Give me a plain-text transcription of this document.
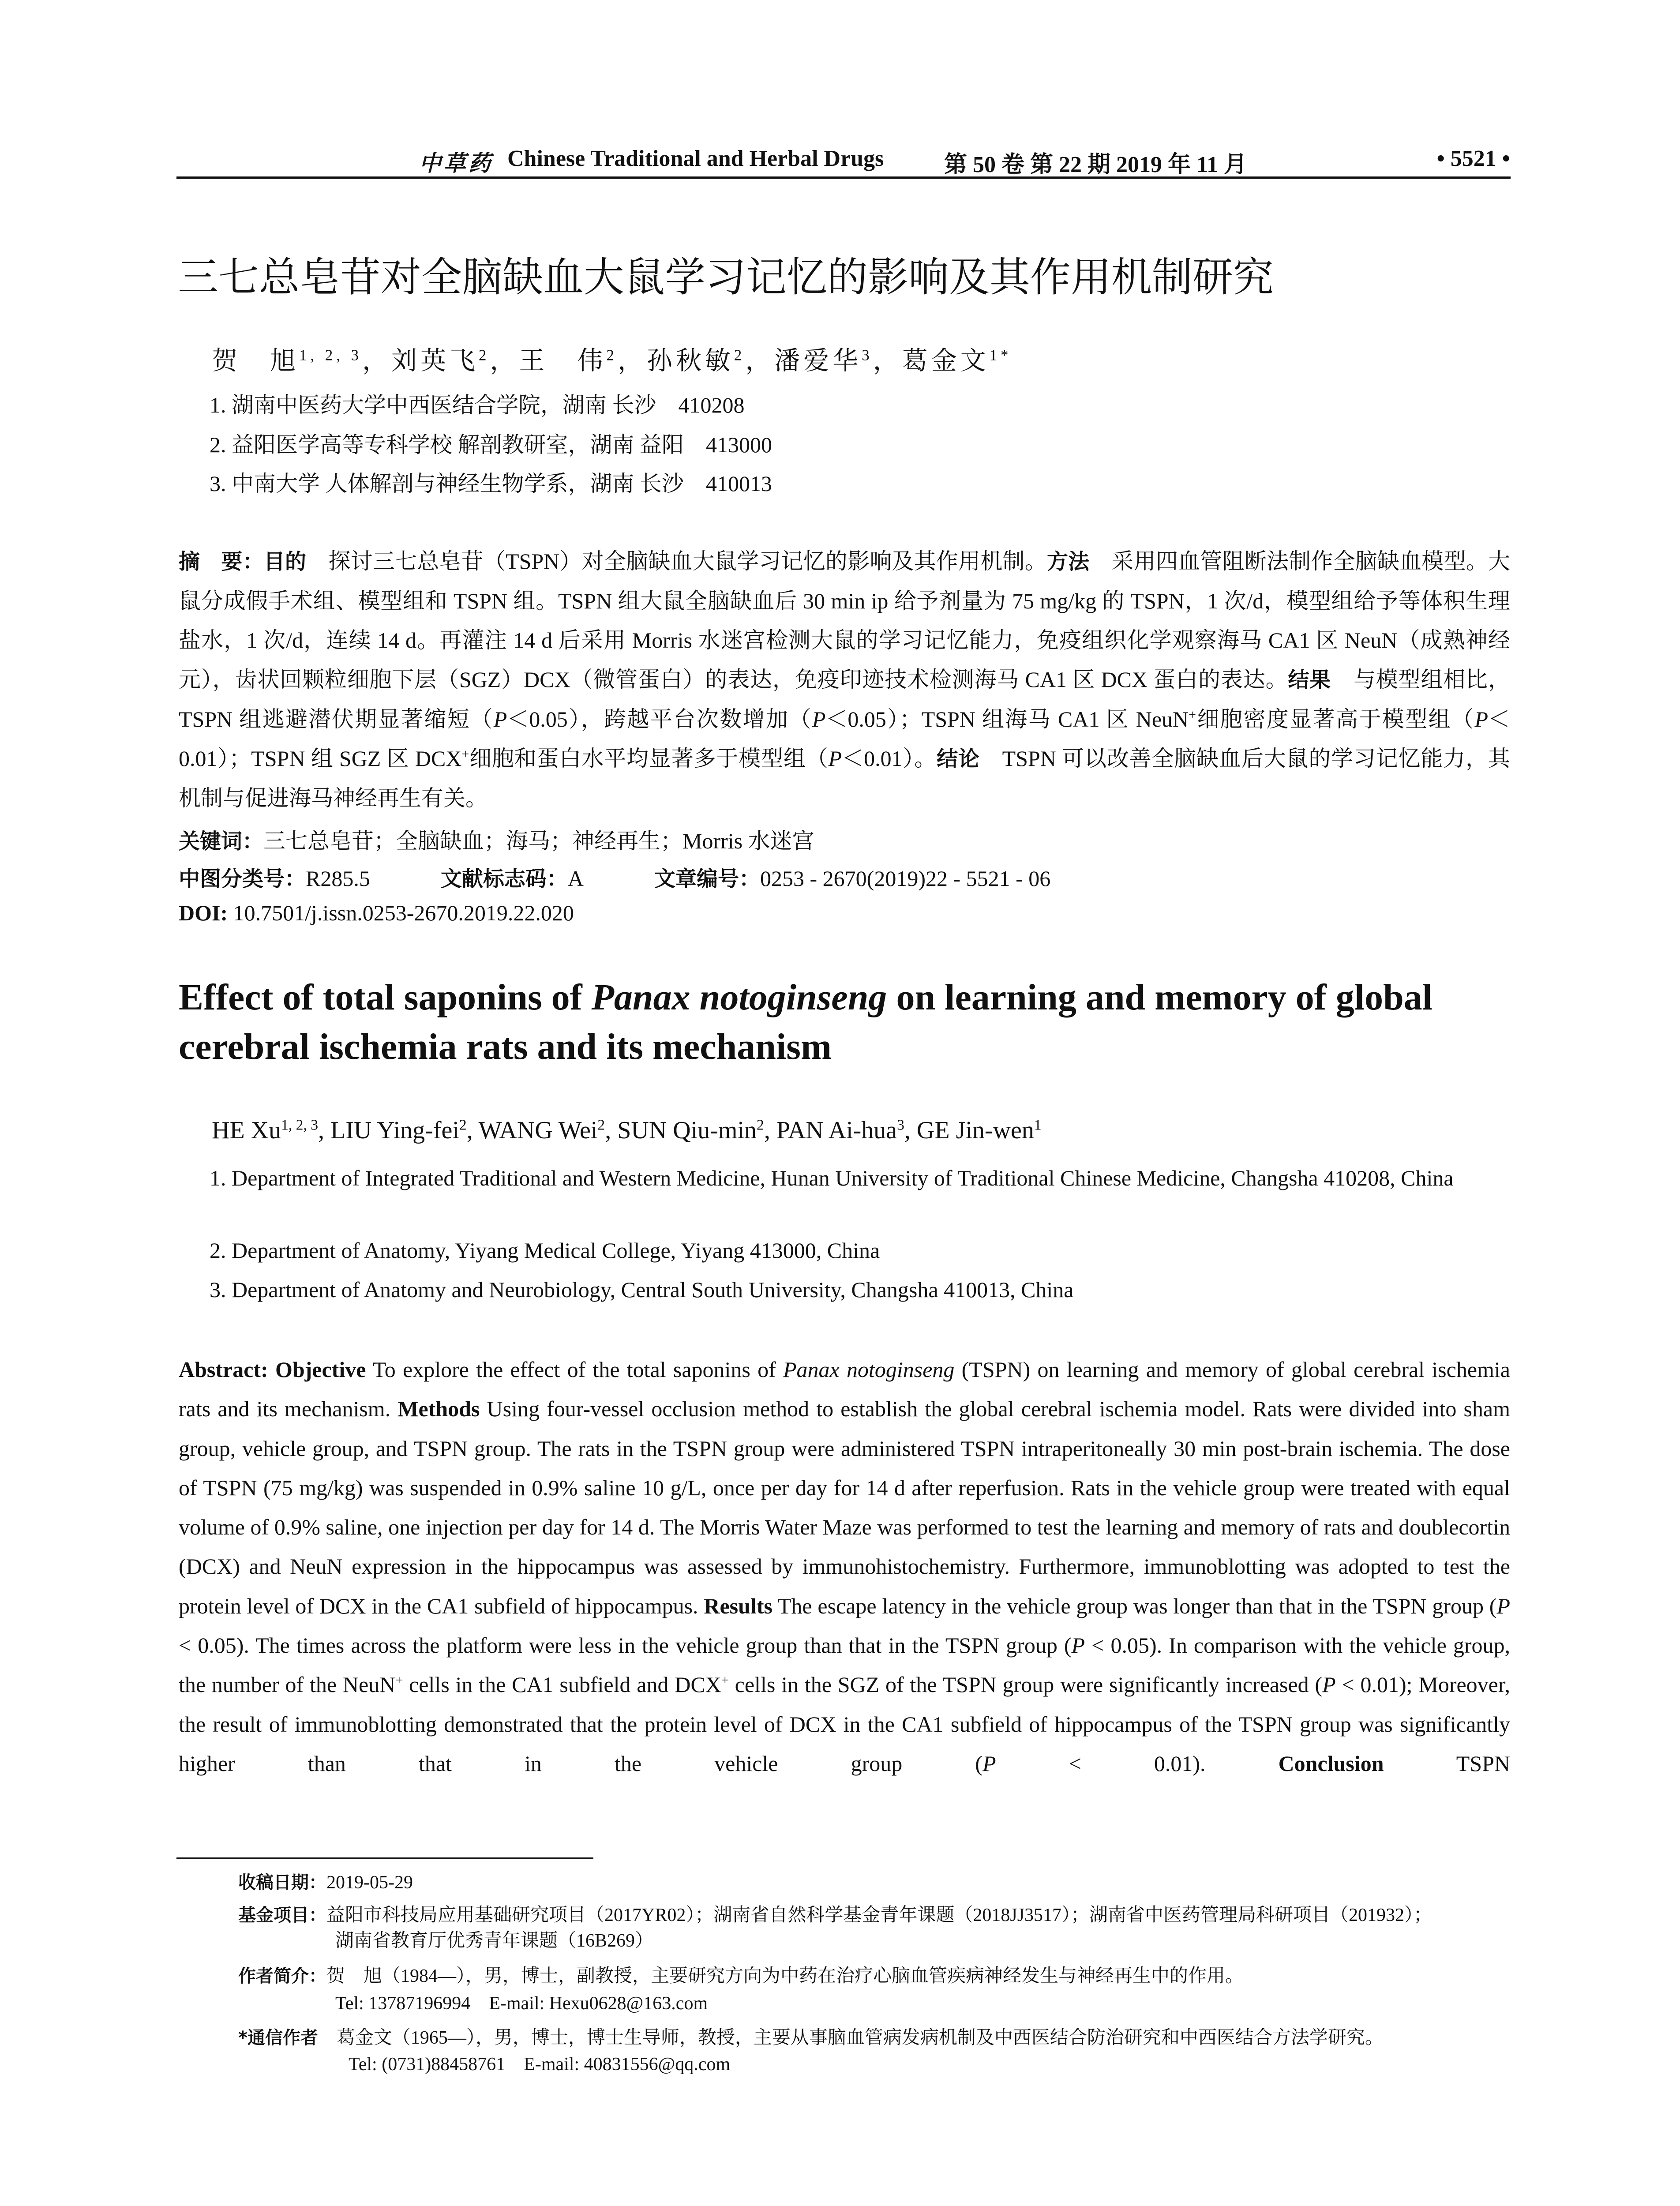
中草药 Chinese Traditional and Herbal Drugs	第 50 卷 第 22 期 2019 年 11 月	• 5521 •
三七总皂苷对全脑缺血大鼠学习记忆的影响及其作用机制研究
贺　旭$^{1, 2, 3}$，刘英飞$^2$，王　伟$^2$，孙秋敏$^2$，潘爱华$^3$，葛金文$^{1*}$
1. 湖南中医药大学中西医结合学院，湖南 长沙　410208
2. 益阳医学高等专科学校 解剖教研室，湖南 益阳　413000
3. 中南大学 人体解剖与神经生物学系，湖南 长沙　410013
摘　要：目的　探讨三七总皂苷（TSPN）对全脑缺血大鼠学习记忆的影响及其作用机制。方法　采用四血管阻断法制作全脑缺血模型。大鼠分成假手术组、模型组和 TSPN 组。TSPN 组大鼠全脑缺血后 30 min ip 给予剂量为 75 mg/kg 的 TSPN，1 次/d，模型组给予等体积生理盐水，1 次/d，连续 14 d。再灌注 14 d 后采用 Morris 水迷宫检测大鼠的学习记忆能力，免疫组织化学观察海马 CA1 区 NeuN（成熟神经元），齿状回颗粒细胞下层（SGZ）DCX（微管蛋白）的表达，免疫印迹技术检测海马 CA1 区 DCX 蛋白的表达。结果　与模型组相比，TSPN 组逃避潜伏期显著缩短（P＜0.05），跨越平台次数增加（P＜0.05）；TSPN 组海马 CA1 区 NeuN+细胞密度显著高于模型组（P＜0.01）；TSPN 组 SGZ 区 DCX+细胞和蛋白水平均显著多于模型组（P＜0.01）。结论　TSPN 可以改善全脑缺血后大鼠的学习记忆能力，其机制与促进海马神经再生有关。
关键词：三七总皂苷；全脑缺血；海马；神经再生；Morris 水迷宫
中图分类号：R285.5	文献标志码：A	文章编号：0253 - 2670(2019)22 - 5521 - 06
DOI: 10.7501/j.issn.0253-2670.2019.22.020
Effect of total saponins of Panax notoginseng on learning and memory of global cerebral ischemia rats and its mechanism
HE Xu$^{1, 2, 3}$, LIU Ying-fei$^2$, WANG Wei$^2$, SUN Qiu-$\min^2$, PAN Ai-hua$^3$, GE Jin-wen$^1$
1. Department of Integrated Traditional and Western Medicine, Hunan University of Traditional Chinese Medicine, Changsha 410208, China
2. Department of Anatomy, Yiyang Medical College, Yiyang 413000, China
3. Department of Anatomy and Neurobiology, Central South University, Changsha 410013, China
Abstract: Objective To explore the effect of the total saponins of Panax notoginseng (TSPN) on learning and memory of global cerebral ischemia rats and its mechanism. Methods Using four-vessel occlusion method to establish the global cerebral ischemia model. Rats were divided into sham group, vehicle group, and TSPN group. The rats in the TSPN group were administered TSPN intraperitoneally 30 min post-brain ischemia. The dose of TSPN (75 mg/kg) was suspended in 0.9% saline 10 g/L, once per day for 14 d after reperfusion. Rats in the vehicle group were treated with equal volume of 0.9% saline, one injection per day for 14 d. The Morris Water Maze was performed to test the learning and memory of rats and doublecortin (DCX) and NeuN expression in the hippocampus was assessed by immunohistochemistry. Furthermore, immunoblotting was adopted to test the protein level of DCX in the CA1 subfield of hippocampus. Results The escape latency in the vehicle group was longer than that in the TSPN group (P < 0.05). The times across the platform were less in the vehicle group than that in the TSPN group (P < 0.05). In comparison with the vehicle group, the number of the NeuN+ cells in the CA1 subfield and DCX+ cells in the SGZ of the TSPN group were significantly increased (P < 0.01); Moreover, the result of immunoblotting demonstrated that the protein level of DCX in the CA1 subfield of hippocampus of the TSPN group was significantly higher than that in the vehicle group (P < 0.01). Conclusion TSPN
收稿日期：2019-05-29
基金项目：益阳市科技局应用基础研究项目（2017YR02）；湖南省自然科学基金青年课题（2018JJ3517）；湖南省中医药管理局科研项目（201932）；
湖南省教育厅优秀青年课题（16B269）
作者简介：贺　旭（1984—），男，博士，副教授，主要研究方向为中药在治疗心脑血管疾病神经发生与神经再生中的作用。
Tel: 13787196994　E-mail: Hexu0628@163.com
*通信作者　葛金文（1965—），男，博士，博士生导师，教授，主要从事脑血管病发病机制及中西医结合防治研究和中西医结合方法学研究。
Tel: (0731)88458761　E-mail: 40831556@qq.com
